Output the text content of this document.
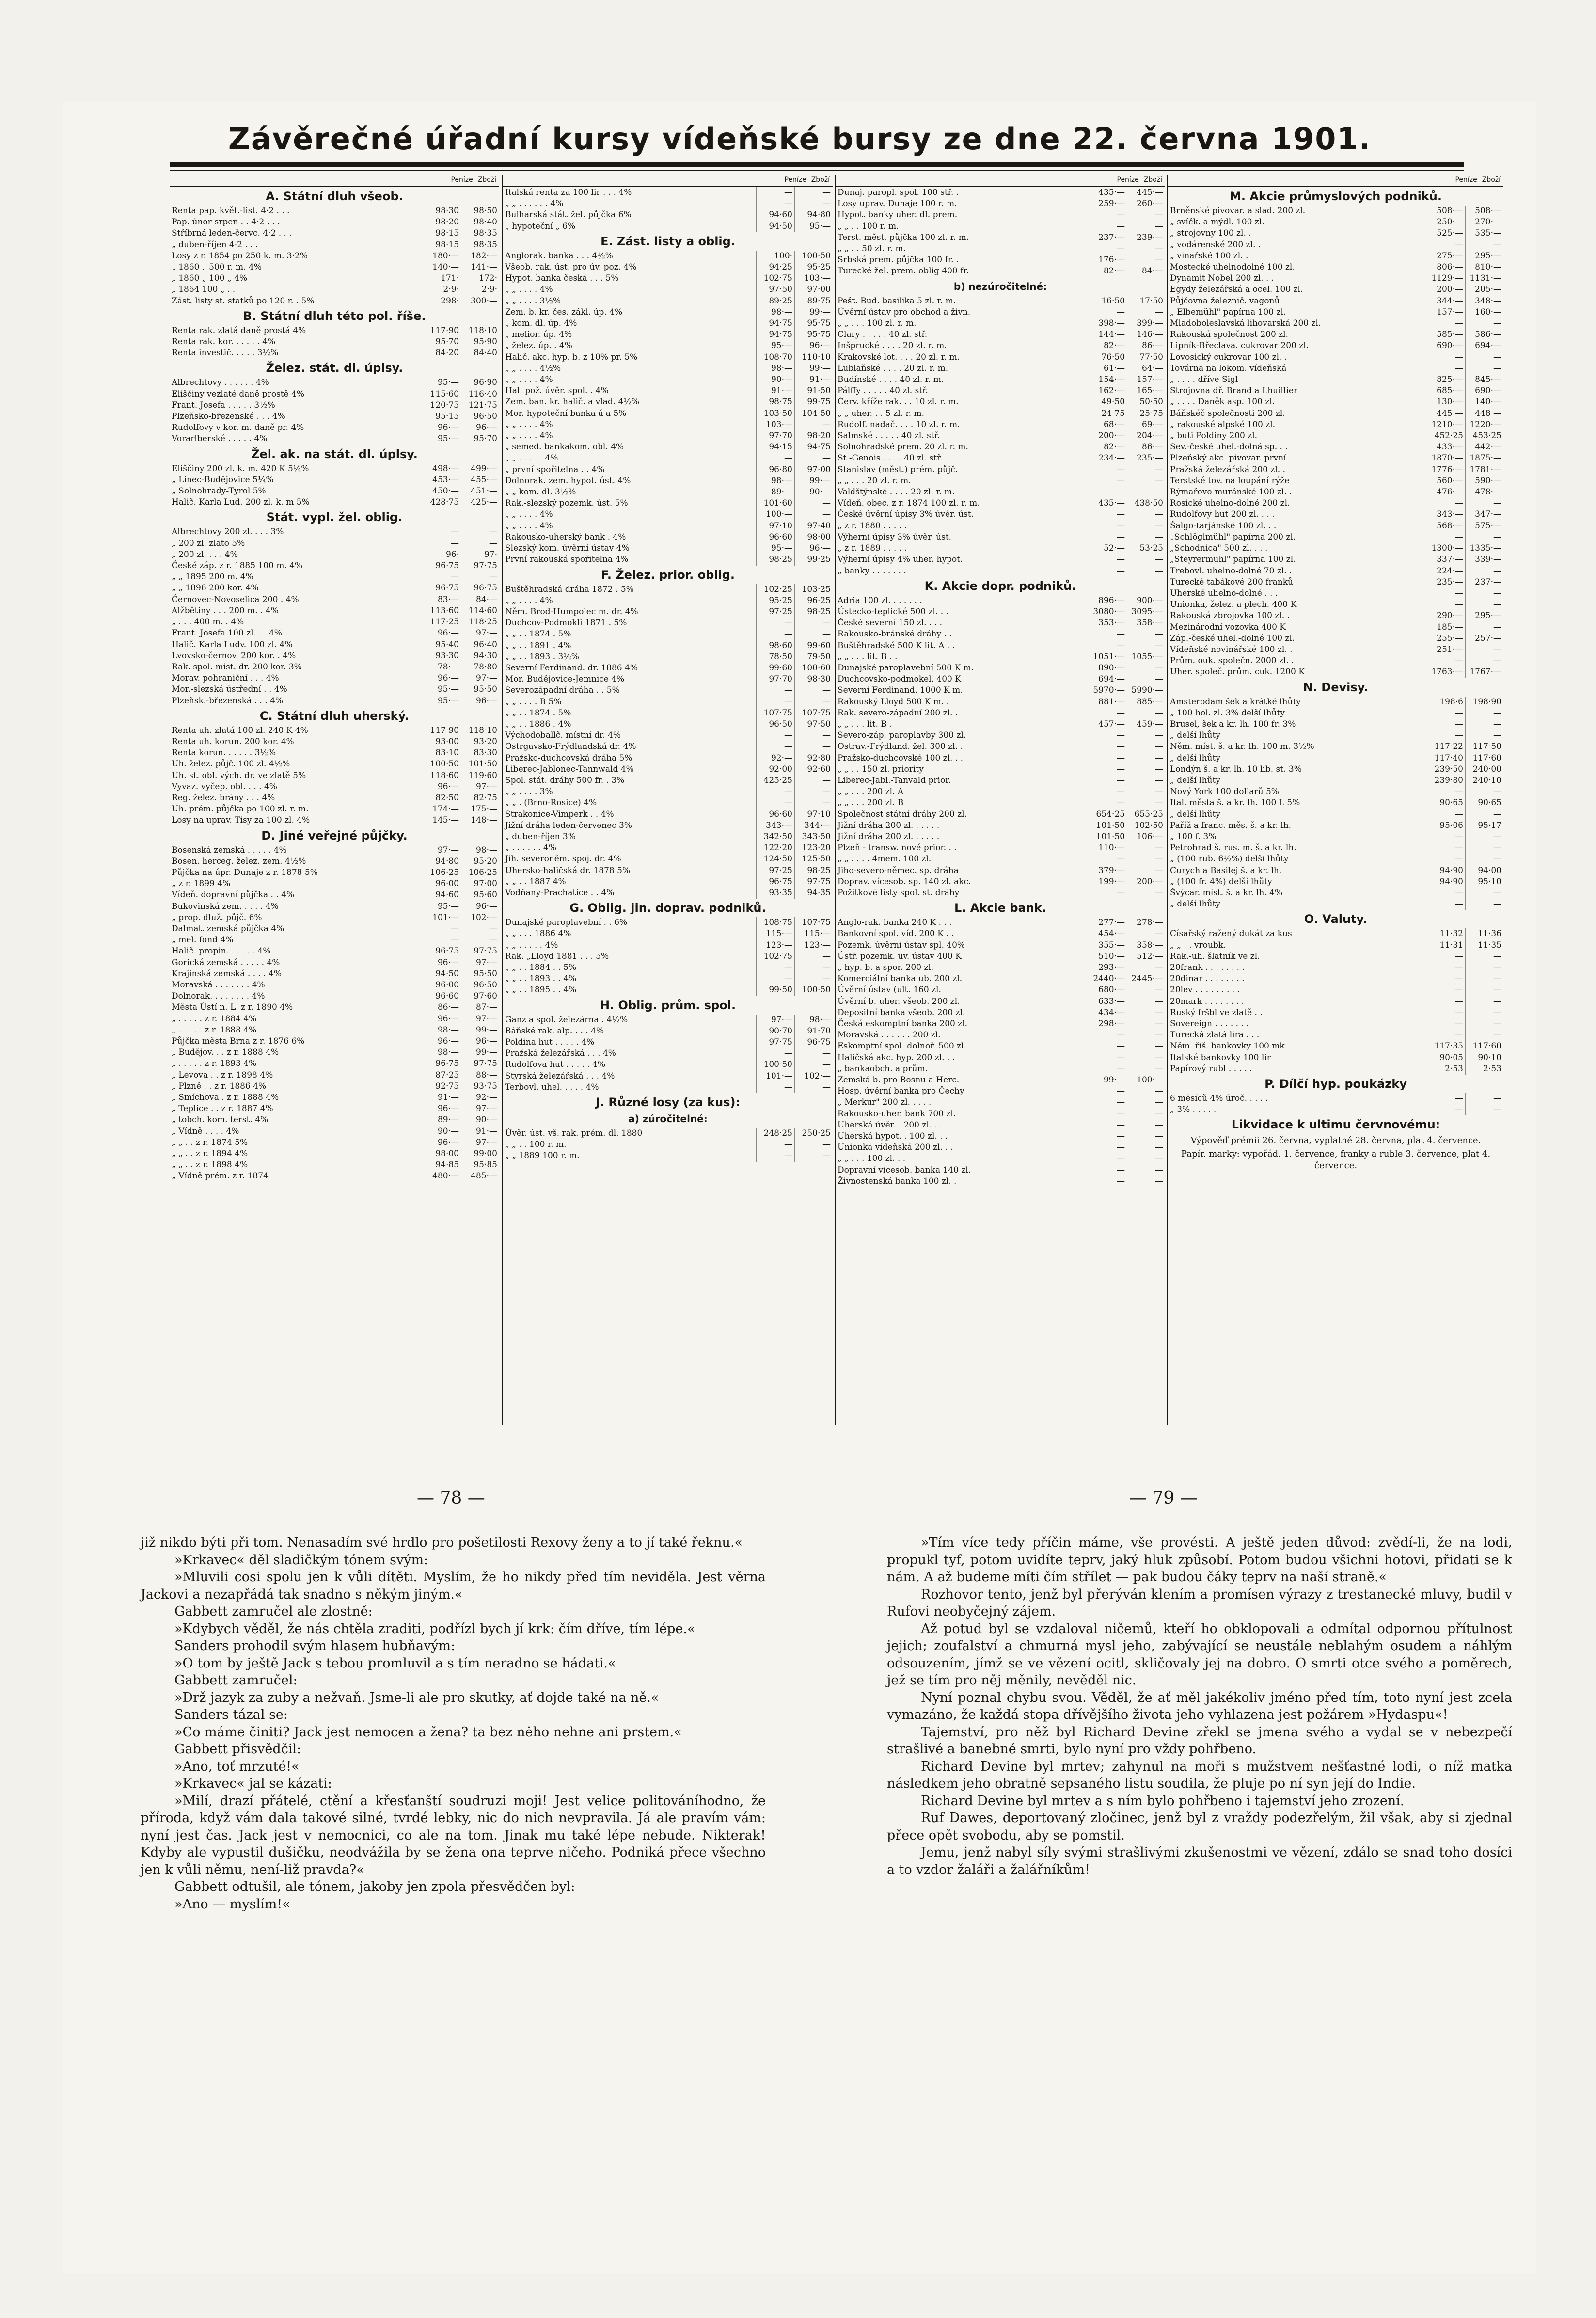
Závěrečné úřadní kursy vídeňské bursy ze dne 22. června 1901.
Peníze Zboží
A. Státní dluh všeob.
Renta pap. květ.-list. 4·2 . . .	98·30	98·50
Pap. únor-srpen . . 4·2 . . .	98·20	98·40
Stříbrná leden-červc. 4·2 . . .	98·15	98·35
„ duben-říjen 4·2 . . .	98·15	98·35
Losy z r. 1854 po 250 k. m. 3·2%	180·—	182·—
„ 1860 „ 500 r. m. 4%	140·—	141·—
„ 1860 „ 100 „ 4%	171·	172·
„ 1864 100 „ . .	2·9·	2·9·
Zást. listy st. statků po 120 r. . 5%	298·	300·—
B. Státní dluh této pol. říše.
Renta rak. zlatá daně prostá 4%	117·90	118·10
Renta rak. kor. . . . . . 4%	95·70	95·90
Renta investič. . . . . 3½%	84·20	84·40
Želez. stát. dl. úplsy.
Albrechtovy . . . . . . 4%	95·—	96·90
Eliščiny vezlaté daně prostě 4%	115·60	116·40
Frant. Josefa . . . . . 3½%	120·75	121·75
Plzeňsko-březenské . . . 4%	95·15	96·50
Rudolfovy v kor. m. daně pr. 4%	96·—	96·—
Vorarlberské . . . . . 4%	95·—	95·70
Žel. ak. na stát. dl. úplsy.
Eliščiny 200 zl. k. m. 420 K 5¼%	498·—	499·—
„ Linec-Budějovice 5¼%	453·—	455·—
„ Solnohrady-Tyrol 5%	450·—	451·—
Halič. Karla Lud. 200 zl. k. m 5%	428·75	425·—
Stát. vypl. žel. oblig.
Albrechtovy 200 zl. . . . 3%	—	—
„ 200 zl. zlato 5%	—	—
„ 200 zl. . . . 4%	96·	97·
České záp. z r. 1885 100 m. 4%	96·75	97·75
„ „ 1895 200 m. 4%	—	—
„ „ 1896 200 kor. 4%	96·75	96·75
Černovec-Novoselica 200 . 4%	83·—	84·—
Alžbětiny . . . 200 m. . 4%	113·60	114·60
„ . . . 400 m. . 4%	117·25	118·25
Frant. Josefa 100 zl. . . 4%	96·—	97·—
Halič. Karla Ludv. 100 zl. 4%	95·40	96·40
Lvovsko-černov. 200 kor. . 4%	93·30	94·30
Rak. spol. mist. dr. 200 kor. 3%	78·—	78·80
Morav. pohraniční . . . 4%	96·—	97·—
Mor.-slezská ústřední . . 4%	95·—	95·50
Plzeňsk.-březenská . . . 4%	95·—	96·—
C. Státní dluh uherský.
Renta uh. zlatá 100 zl. 240 K 4%	117·90	118·10
Renta uh. korun. 200 kor. 4%	93·00	93·20
Renta korun. . . . . . 3½%	83·10	83·30
Uh. želez. půjč. 100 zl. 4½%	100·50	101·50
Uh. st. obl. vých. dr. ve zlatě 5%	118·60	119·60
Vyvaz. vyčep. obl. . . . 4%	96·—	97·—
Reg. želez. brány . . . 4%	82·50	82·75
Uh. prém. půjčka po 100 zl. r. m.	174·—	175·—
Losy na uprav. Tisy za 100 zl. 4%	145·—	148·—
D. Jiné veřejné půjčky.
Bosenská zemská . . . . . 4%	97·—	98·—
Bosen. herceg. želez. zem. 4½%	94·80	95·20
Půjčka na úpr. Dunaje z r. 1878 5%	106·25	106·25
„ z r. 1899 4%	96·00	97·00
Vídeň. dopravní půjčka . . 4%	94·60	95·60
Bukovinská zem. . . . . 4%	95·—	96·—
„ prop. dluž. půjč. 6%	101·—	102·—
Dalmat. zemská půjčka 4%	—	—
„ mel. fond 4%	—	—
Halič. propin. . . . . . 4%	96·75	97·75
Gorická zemská . . . . . 4%	96·—	97·—
Krajinská zemská . . . . 4%	94·50	95·50
Moravská . . . . . . . 4%	96·00	96·50
Dolnorak. . . . . . . . 4%	96·60	97·60
Města Ústí n. L. z r. 1890 4%	86·—	87·—
„ . . . . . z r. 1884 4%	96·—	97·—
„ . . . . . z r. 1888 4%	98·—	99·—
Půjčka města Brna z r. 1876 6%	96·—	96·—
„ Budějov. . . z r. 1888 4%	98·—	99·—
„ . . . . . z r. 1893 4%	96·75	97·75
„ Levova . . z r. 1898 4%	87·25	88·—
„ Plzně . . z r. 1886 4%	92·75	93·75
„ Smíchova . z r. 1888 4%	91·—	92·—
„ Teplice . . z r. 1887 4%	96·—	97·—
„ tobch. kom. terst. 4%	89·—	90·—
„ Vídně . . . . 4%	90·—	91·—
„ „ . . z r. 1874 5%	96·—	97·—
„ „ . . z r. 1894 4%	98·00	99·00
„ „ . . z r. 1898 4%	94·85	95·85
„ Vídně prém. z r. 1874	480·—	485·—
Peníze Zboží
Italská renta za 100 lir . . . 4%	—	—
„ „ . . . . . . 4%	—	—
Bulharská stát. žel. půjčka 6%	94·60	94·80
„ hypoteční „ 6%	94·50	95·—
E. Zást. listy a oblig.
Anglorak. banka . . . 4½%	100·	100·50
Všeob. rak. úst. pro úv. poz. 4%	94·25	95·25
Hypot. banka česká . . . 5%	102·75	103·—
„ „ . . . . 4%	97·50	97·00
„ „ . . . . 3½%	89·25	89·75
Zem. b. kr. čes. zákl. úp. 4%	98·—	99·—
„ kom. dl. úp. 4%	94·75	95·75
„ melior. úp. 4%	94·75	95·75
„ želez. úp. . 4%	95·—	96·—
Halič. akc. hyp. b. z 10% pr. 5%	108·70	110·10
„ „ . . . . 4½%	98·—	99·—
„ „ . . . . 4%	90·—	91·—
Hal. pož. úvěr. spol. . 4%	91·—	91·50
Zem. ban. kr. halič. a vlad. 4½%	98·75	99·75
Mor. hypoteční banka á a 5%	103·50	104·50
„ „ . . . . 4%	103·—	—
„ „ . . . . 4%	97·70	98·20
„ semed. bankakom. obl. 4%	94·15	94·75
„ „ . . . . . 4%	—	—
„ první spořitelna . . 4%	96·80	97·00
Dolnorak. zem. hypot. úst. 4%	98·—	99·—
„ „ kom. dl. 3½%	89·—	90·—
Rak.-slezský pozemk. úst. 5%	101·60	—
„ „ . . . . 4%	100·—	—
„ „ . . . . 4%	97·10	97·40
Rakousko-uherský bank . 4%	96·60	98·00
Slezský kom. úvěrní ústav 4%	95·—	96·—
První rakouská spořitelna 4%	98·25	99·25
F. Želez. prior. oblig.
Buštěhradská dráha 1872 . 5%	102·25	103·25
„ „ . . . . 4%	95·25	96·25
Něm. Brod-Humpolec m. dr. 4%	97·25	98·25
Duchcov-Podmokli 1871 . 5%	—	—
„ „ . . 1874 . 5%	—	—
„ „ . . 1891 . 4%	98·60	99·60
„ „ . . 1893 . 3½%	78·50	79·50
Severní Ferdinand. dr. 1886 4%	99·60	100·60
Mor. Budějovice-Jemnice 4%	97·70	98·30
Severozápadní dráha . . 5%	—	—
„ „ . . . . B 5%	—	—
„ „ . . 1874 . 5%	107·75	107·75
„ „ . . 1886 . 4%	96·50	97·50
Východoballč. místní dr. 4%	—	—
Ostrgavsko-Frýdlandská dr. 4%	—	—
Pražsko-duchcovská dráha 5%	92·—	92·80
Liberec-Jablonec-Tannwald 4%	92·00	92·60
Spol. stát. dráhy 500 fr. . 3%	425·25	—
„ „ . . . . 3%	—	—
„ „ . (Brno-Rosice) 4%	—	—
Strakonice-Vimperk . . 4%	96·60	97·10
Jižní dráha leden-červenec 3%	343·—	344·—
„ duben-říjen 3%	342·50	343·50
„ . . . . . . 4%	122·20	123·20
Jih. severoněm. spoj. dr. 4%	124·50	125·50
Uhersko-haličská dr. 1878 5%	97·25	98·25
„ „ . . 1887 4%	96·75	97·75
Vodňany-Prachatice . . 4%	93·35	94·35
G. Oblig. jin. doprav. podniků.
Dunajské paroplavební . . 6%	108·75	107·75
„ „ . . . 1886 4%	115·—	115·—
„ „ . . . . . 4%	123·—	123·—
Rak. „Lloyd 1881 . . . 5%	102·75	—
„ „ . . 1884 . . 5%	—	—
„ „ . . 1893 . . 4%	—	—
„ „ . . 1895 . . 4%	99·50	100·50
H. Oblig. prům. spol.
Ganz a spol. železárna . 4½%	97·—	98·—
Báňské rak. alp. . . . 4%	90·70	91·70
Poldina hut . . . . . 4%	97·75	96·75
Pražská železářská . . . 4%	—	—
Rudolfova hut . . . . . 4%	100·50	—
Styrská železářská . . . 4%	101·—	102·—
Terbovl. uhel. . . . . 4%	—	—
J. Různé losy (za kus):
a) zúročitelné:
Úvěr. úst. vš. rak. prém. dl. 1880	248·25	250·25
„ „ . . 100 r. m.	—	—
„ „ 1889 100 r. m.	—	—
Peníze Zboží
Dunaj. paropl. spol. 100 stř. .	435·—	445·—
Losy uprav. Dunaje 100 r. m.	259·—	260·—
Hypot. banky uher. dl. prem.	—	—
„ „ . . 100 r. m.	—	—
Terst. měst. půjčka 100 zl. r. m.	237·—	239·—
„ „ . . 50 zl. r. m.	—	—
Srbská prem. půjčka 100 fr. .	176·—	—
Turecké žel. prem. oblig 400 fr.	82·—	84·—
b) nezúročitelné:
Pešt. Bud. basilika 5 zl. r. m.	16·50	17·50
Úvěrní ústav pro obchod a živn.	—	—
„ „ . . . 100 zl. r. m.	398·—	399·—
Clary . . . . . 40 zl. stř.	144·—	146·—
Inšprucké . . . . 20 zl. r. m.	82·—	86·—
Krakovské lot. . . . 20 zl. r. m.	76·50	77·50
Lublaňské . . . . 20 zl. r. m.	61·—	64·—
Budínské . . . . 40 zl. r. m.	154·—	157·—
Pálffy . . . . . 40 zl. stř.	162·—	165·—
Červ. kříže rak. . . 10 zl. r. m.	49·50	50·50
„ „ uher. . . 5 zl. r. m.	24·75	25·75
Rudolf. nadač. . . . 10 zl. r. m.	68·—	69·—
Salmské . . . . . 40 zl. stř.	200·—	204·—
Solnohradské prem. 20 zl. r. m.	82·—	86·—
St.-Genois . . . . 40 zl. stř.	234·—	235·—
Stanislav (měst.) prém. půjč.	—	—
„ „ . . . 20 zl. r. m.	—	—
Valdštýnské . . . . 20 zl. r. m.	—	—
Vídeň. obec. z r. 1874 100 zl. r. m.	435·—	438·50
České úvěrní úpisy 3% úvěr. úst.	—	—
„ z r. 1880 . . . . .	—	—
Výherní úpisy 3% úvěr. úst.	—	—
„ z r. 1889 . . . . .	52·—	53·25
Výherní úpisy 4% uher. hypot.	—	—
„ banky . . . . . . .	—	—
K. Akcie dopr. podniků.
Adria 100 zl. . . . . . .	896·—	900·—
Ústecko-teplické 500 zl. . .	3080·— 3095·—
České severní 150 zl. . . .	353·—	358·—
Rakousko-bránské dráhy . .	—	—
Buštěhradské 500 K lit. A . .	—	—
„ „ . . . lit. B . .	1051·— 1055·—
Dunajské paroplavební 500 K m.	890·—	—
Duchcovsko-podmokel. 400 K	694·—	—
Severní Ferdinand. 1000 K m.	5970·— 5990·—
Rakouský Lloyd 500 K m. .	881·—	885·—
Rak. severo-západní 200 zl. .	—	—
„ „ . . . lit. B .	457·—	459·—
Severo-záp. paroplavby 300 zl.	—	—
Ostrav.-Frýdland. žel. 300 zl. .	—	—
Pražsko-duchcovské 100 zl. . .	—	—
„ „ . . 150 zl. priority	—	—
Liberec-Jabl.-Tanvald prior.	—	—
„ „ . . . 200 zl. A	—	—
„ „ . . . 200 zl. B	—	—
Společnost státní dráhy 200 zl.	654·25	655·25
Jižní dráha 200 zl. . . . . .	101·50	102·50
Jižní dráha 200 zl. . . . . .	101·50	106·—
Plzeň - transw. nové prior. . .	110·—	—
„ „ . . . . 4mem. 100 zl.	—	—
Jiho-severo-němec. sp. dráha	379·—	—
Doprav. vícesob. sp. 140 zl. akc.	199·—	200·—
Požitkové listy spol. st. dráhy	—	—
L. Akcie bank.
Anglo-rak. banka 240 K . . .	277·—	278·—
Bankovní spol. víd. 200 K . .	454·—	—
Pozemk. úvěrní ústav spl. 40%	355·—	358·—
Ústř. pozemk. úv. ústav 400 K	510·—	512·—
„ hyp. b. a spor. 200 zl.	293·—	—
Komerciální banka ub. 200 zl.	2440·— 2445·—
Úvěrní ústav (ult. 160 zl.	680·—	—
Úvěrní b. uher. všeob. 200 zl.	633·—	—
Depositní banka všeob. 200 zl.	434·—	—
Česká eskomptní banka 200 zl.	298·—	—
Moravská . . . . . . 200 zl.	—	—
Eskomptní spol. dolnoř. 500 zl.	—	—
Haličská akc. hyp. 200 zl. . .	—	—
„ bankaobch. a prům.	—	—
Zemská b. pro Bosnu a Herc.	99·—	100·—
Hosp. úvěrní banka pro Čechy	—	—
„ Merkur" 200 zl. . . . .	—	—
Rakousko-uher. bank 700 zl.	—	—
Uherská úvěr. . 200 zl. . .	—	—
Uherská hypot. . 100 zl. . .	—	—
Unionka vídeňská 200 zl. . .	—	—
„ „ . . . 100 zl. . .	—	—
Dopravní vícesob. banka 140 zl.	—	—
Živnostenská banka 100 zl. .	—	—
Peníze Zboží
M. Akcie průmyslových podniků.
Brněnské pivovar. a slad. 200 zl.	508·—	508·—
„ svíčk. a mýdl. 100 zl.	250·—	270·—
„ strojovny 100 zl. .	525·—	535·—
„ vodárenské 200 zl. .	—	—
„ vinařské 100 zl. .	275·—	295·—
Mostecké uhelnodolné 100 zl.	806·—	810·—
Dynamit Nobel 200 zl. . .	1129·— 1131·—
Egydy železářská a ocel. 100 zl.	200·—	205·—
Půjčovna železnič. vagonů	344·—	348·—
„ Elbemühl" papírna 100 zl.	157·—	160·—
Mladoboleslavská lihovarská 200 zl.	—	—
Rakouská společnost 200 zl.	585·—	586·—
Lipník-Břeclava. cukrovar 200 zl.	690·—	694·—
Lovosický cukrovar 100 zl. .	—	—
Továrna na lokom. vídeňská	—	—
„ . . . . dříve Sigl	825·—	845·—
Strojovna dř. Brand a Lhuillier	685·—	690·—
„ . . . . Daněk asp. 100 zl.	130·—	140·—
Báňskéč společnosti 200 zl.	445·—	448·—
„ rakouské alpské 100 zl.	1210·— 1220·—
„ buti Poldiny 200 zl.	452·25	453·25
Sev.-české uhel.-dolná sp. . .	433·—	442·—
Plzeňský akc. pivovar. první	1870·— 1875·—
Pražská železářská 200 zl. .	1776·— 1781·—
Terstské tov. na loupání rýže	560·—	590·—
Rýmařovo-muránské 100 zl. .	476·—	478·—
Rosické uhelno-dolné 200 zl.	—	—
Rudolfovy hut 200 zl. . . .	343·—	347·—
Šalgo-tarjánské 100 zl. . .	568·—	575·—
„Schlöglmühl" papírna 200 zl.	—	—
„Schodnica" 500 zl. . . .	1300·— 1335·—
„Steyrermühl" papírna 100 zl.	337·—	339·—
Trebovl. uhelno-dolné 70 zl. .	224·—	—
Turecké tabákové 200 franků	235·—	237·—
Uherské uhelno-dolné . . .	—	—
Unionka, želez. a plech. 400 K	—	—
Rakouská zbrojovka 100 zl. .	290·—	295·—
Mezinárodní vozovka 400 K	185·—	—
Záp.-české uhel.-dolné 100 zl.	255·—	257·—
Vídeňské novinářské 100 zl. .	251·—	—
Prům. ouk. společn. 2000 zl. .	—	—
Uher. společ. prům. cuk. 1200 K	1763·— 1767·—
N. Devisy.
Amsterodam šek a krátké lhůty	198·6	198·90
„ 100 hol. zl. 3% delší lhůty	—	—
Brusel, šek a kr. lh. 100 fr. 3%	—	—
„ delší lhůty	—	—
Něm. míst. š. a kr. lh. 100 m. 3½%	117·22	117·50
„ delší lhůty	117·40	117·60
Londýn š. a kr. lh. 10 lib. st. 3%	239·50	240·00
„ delší lhůty	239·80	240·10
Nový York 100 dollarů 5%	—	—
Ital. města š. a kr. lh. 100 L 5%	90·65	90·65
„ delší lhůty	—	—
Paříž a franc. měs. š. a kr. lh.	95·06	95·17
„ 100 f. 3%	—	—
Petrohrad š. rus. m. š. a kr. lh.	—	—
„ (100 rub. 6½%) delší lhůty	—	—
Curych a Basilej š. a kr. lh.	94·90	94·00
„ (100 fr. 4%) delší lhůty	94·90	95·10
Švýcar. míst. š. a kr. lh. 4%	—	—
„ delší lhůty	—	—
O. Valuty.
Císařský ražený dukát za kus	11·32	11·36
„ „ . . vroubk.	11·31	11·35
Rak.-uh. šlatník ve zl.	—	—
20frank . . . . . . . .	—	—
20dinar . . . . . . . .	—	—
20lev . . . . . . . . .	—	—
20mark . . . . . . . .	—	—
Ruský fršbl ve zlatě . .	—	—
Sovereign . . . . . . .	—	—
Turecká zlatá lira . . .	—	—
Něm. říš. bankovky 100 mk.	117·35	117·60
Italské bankovky 100 lir	90·05	90·10
Papírový rubl . . . . .	2·53	2·53
P. Dílčí hyp. poukázky
6 měsíců 4% úroč. . . . .	—	—
„ 3% . . . . .	—	—
Likvidace k ultimu červnovému:
Výpověď prémii 26. června, vyplatné 28. června, plat 4. července.
Papír. marky: vypořád. 1. července, franky a ruble 3. července, plat 4. července.
— 78 —	— 79 —

již nikdo býti při tom. Nenasadím své hrdlo pro pošetilosti Rexovy ženy a to jí také řeknu.«

»Krkavec« děl sladičkým tónem svým:

»Mluvili cosi spolu jen k vůli dítěti. Myslím, že ho nikdy před tím neviděla. Jest věrna Jackovi a nezapřádá tak snadno s někým jiným.«

Gabbett zamručel ale zlostně:

»Kdybych věděl, že nás chtěla zraditi, podřízl bych jí krk: čím dříve, tím lépe.«

Sanders prohodil svým hlasem hubňavým:

»O tom by ještě Jack s tebou promluvil a s tím neradno se hádati.«

Gabbett zamručel:

»Drž jazyk za zuby a nežvaň. Jsme-li ale pro skutky, ať dojde také na ně.«

Sanders tázal se:

»Co máme činiti? Jack jest nemocen a žena? ta bez nėho nehne ani prstem.«

Gabbett přisvědčil:

»Ano, toť mrzuté!«

»Krkavec« jal se kázati:

»Milí, drazí přátelé, ctění a křesťanští soudruzi moji! Jest velice politováníhodno, že příroda, když vám dala takové silné, tvrdé lebky, nic do nich nevpravila. Já ale pravím vám: nyní jest čas. Jack jest v nemocnici, co ale na tom. Jinak mu také lépe nebude. Nikterak! Kdyby ale vypustil dušičku, neodvážila by se žena ona teprve ničeho. Podniká přece všechno jen k vůli němu, není-liž pravda?«

Gabbett odtušil, ale tónem, jakoby jen zpola přesvědčen byl:

»Ano — myslím!«

»Tím více tedy příčin máme, vše provésti. A ještě jeden důvod: zvědí-li, že na lodi, propukl tyf, potom uvidíte teprv, jaký hluk způsobí. Potom budou všichni hotovi, přidati se k nám. A až budeme míti čím střílet — pak budou čáky teprv na naší straně.«

Rozhovor tento, jenž byl přerýván klením a promísen výrazy z trestanecké mluvy, budil v Rufovi neobyčejný zájem.

Až potud byl se vzdaloval ničemů, kteří ho obklopovali a odmítal odpornou přítulnost jejich; zoufalství a chmurná mysl jeho, zabývající se neustále neblahým osudem a náhlým odsouzením, jímž se ve vězení ocitl, skličovaly jej na dobro. O smrti otce svého a poměrech, jež se tím pro něj měnily, nevěděl nic.

Nyní poznal chybu svou. Věděl, že ať měl jakékoliv jméno před tím, toto nyní jest zcela vymazáno, že každá stopa dřívějšího života jeho vyhlazena jest požárem »Hydaspu«!

Tajemství, pro něž byl Richard Devine zřekl se jmena svého a vydal se v nebezpečí strašlivé a banebné smrti, bylo nyní pro vždy pohřbeno.

Richard Devine byl mrtev; zahynul na moři s mužstvem nešťastné lodi, o níž matka následkem jeho obratně sepsaného listu soudila, že pluje po ní syn její do Indie.

Richard Devine byl mrtev a s ním bylo pohřbeno i tajemství jeho zrození.

Ruf Dawes, deportovaný zločinec, jenž byl z vraždy podezřelým, žil však, aby si zjednal přece opět svobodu, aby se pomstil.

Jemu, jenž nabyl síly svými strašlivými zkušenostmi ve vězení, zdálo se snad toho dosíci a to vzdor žaláři a žalářníkům!
